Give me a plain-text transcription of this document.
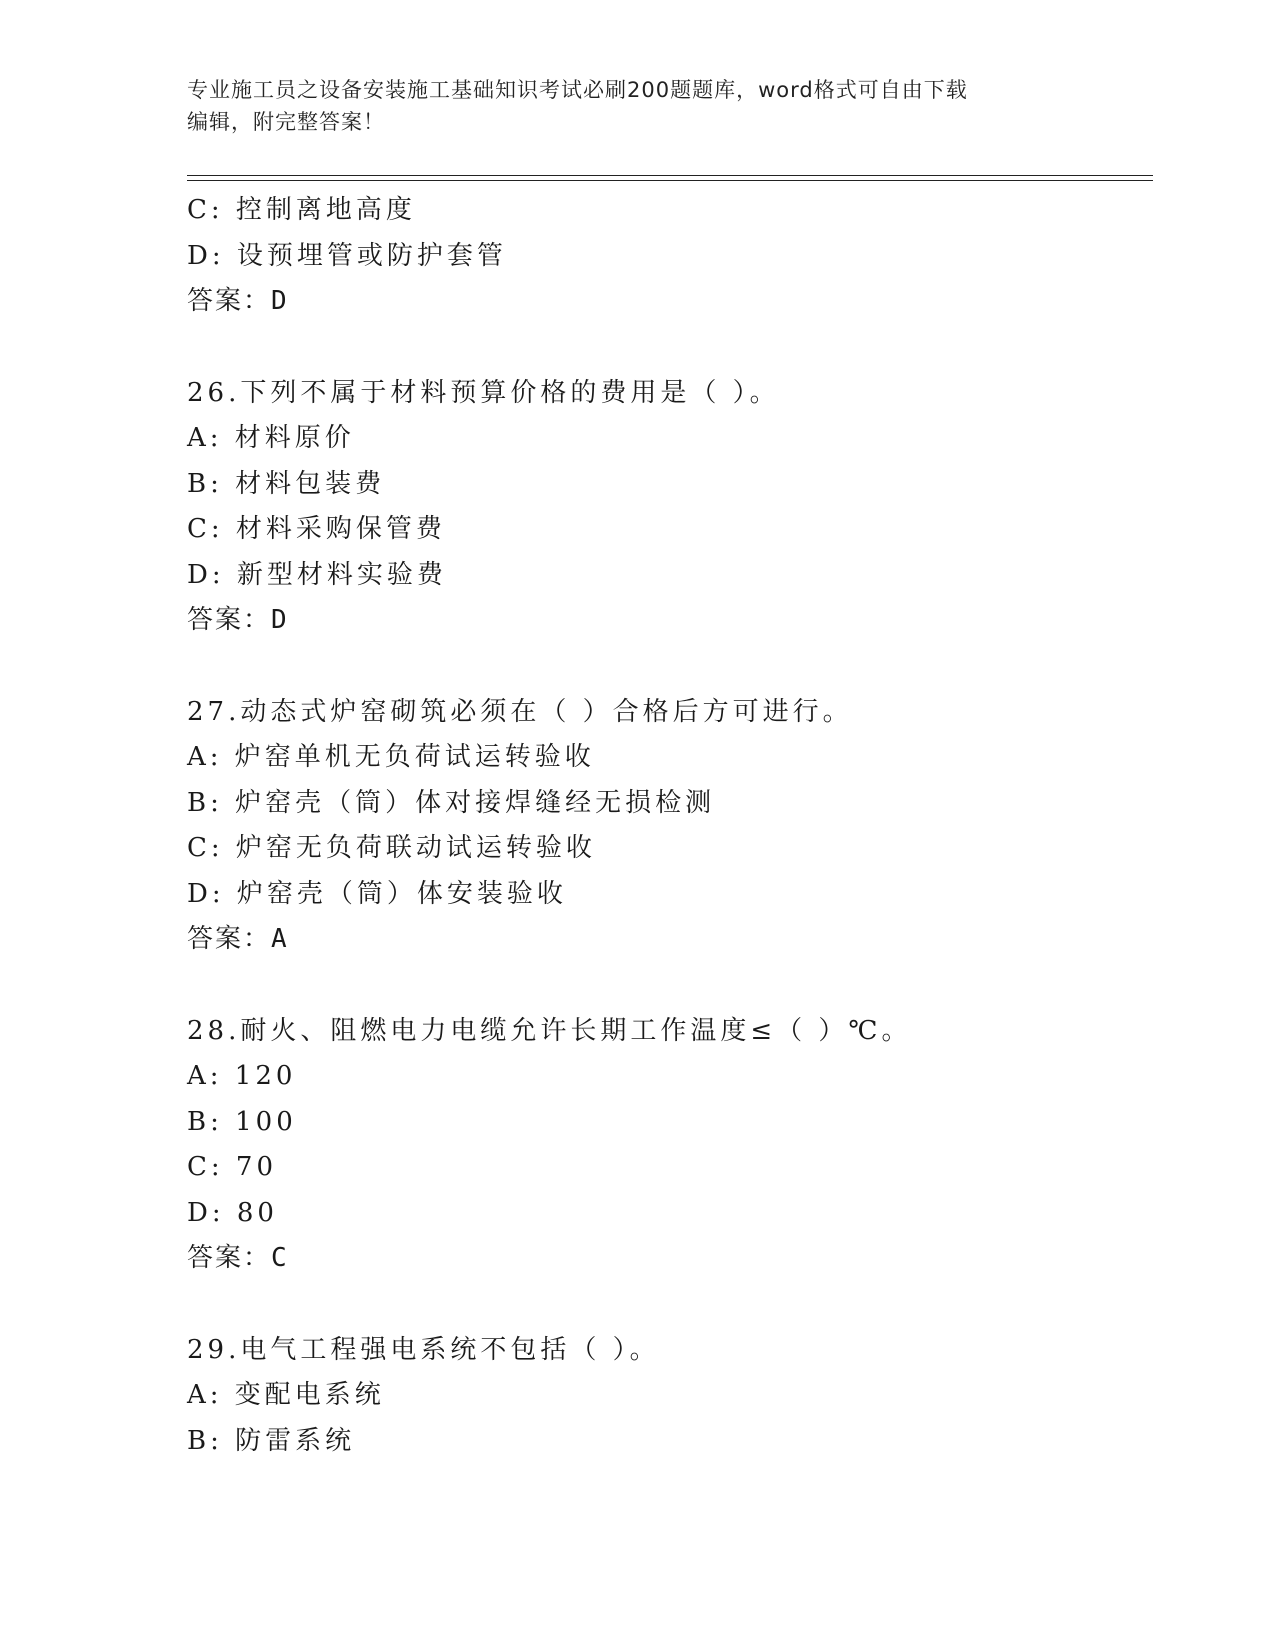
专业施工员之设备安装施工基础知识考试必刷200题题库，word格式可自由下载
编辑，附完整答案！
C: 控制离地高度
D: 设预埋管或防护套管
答案：D
26.下列不属于材料预算价格的费用是（ ）。
A: 材料原价
B: 材料包装费
C: 材料采购保管费
D: 新型材料实验费
答案：D
27.动态式炉窑砌筑必须在（ ）合格后方可进行。
A: 炉窑单机无负荷试运转验收
B: 炉窑壳（筒）体对接焊缝经无损检测
C: 炉窑无负荷联动试运转验收
D: 炉窑壳（筒）体安装验收
答案：A
28.耐火、阻燃电力电缆允许长期工作温度≤（ ）℃。
A: 120
B: 100
C: 70
D: 80
答案：C
29.电气工程强电系统不包括（ ）。
A: 变配电系统
B: 防雷系统
